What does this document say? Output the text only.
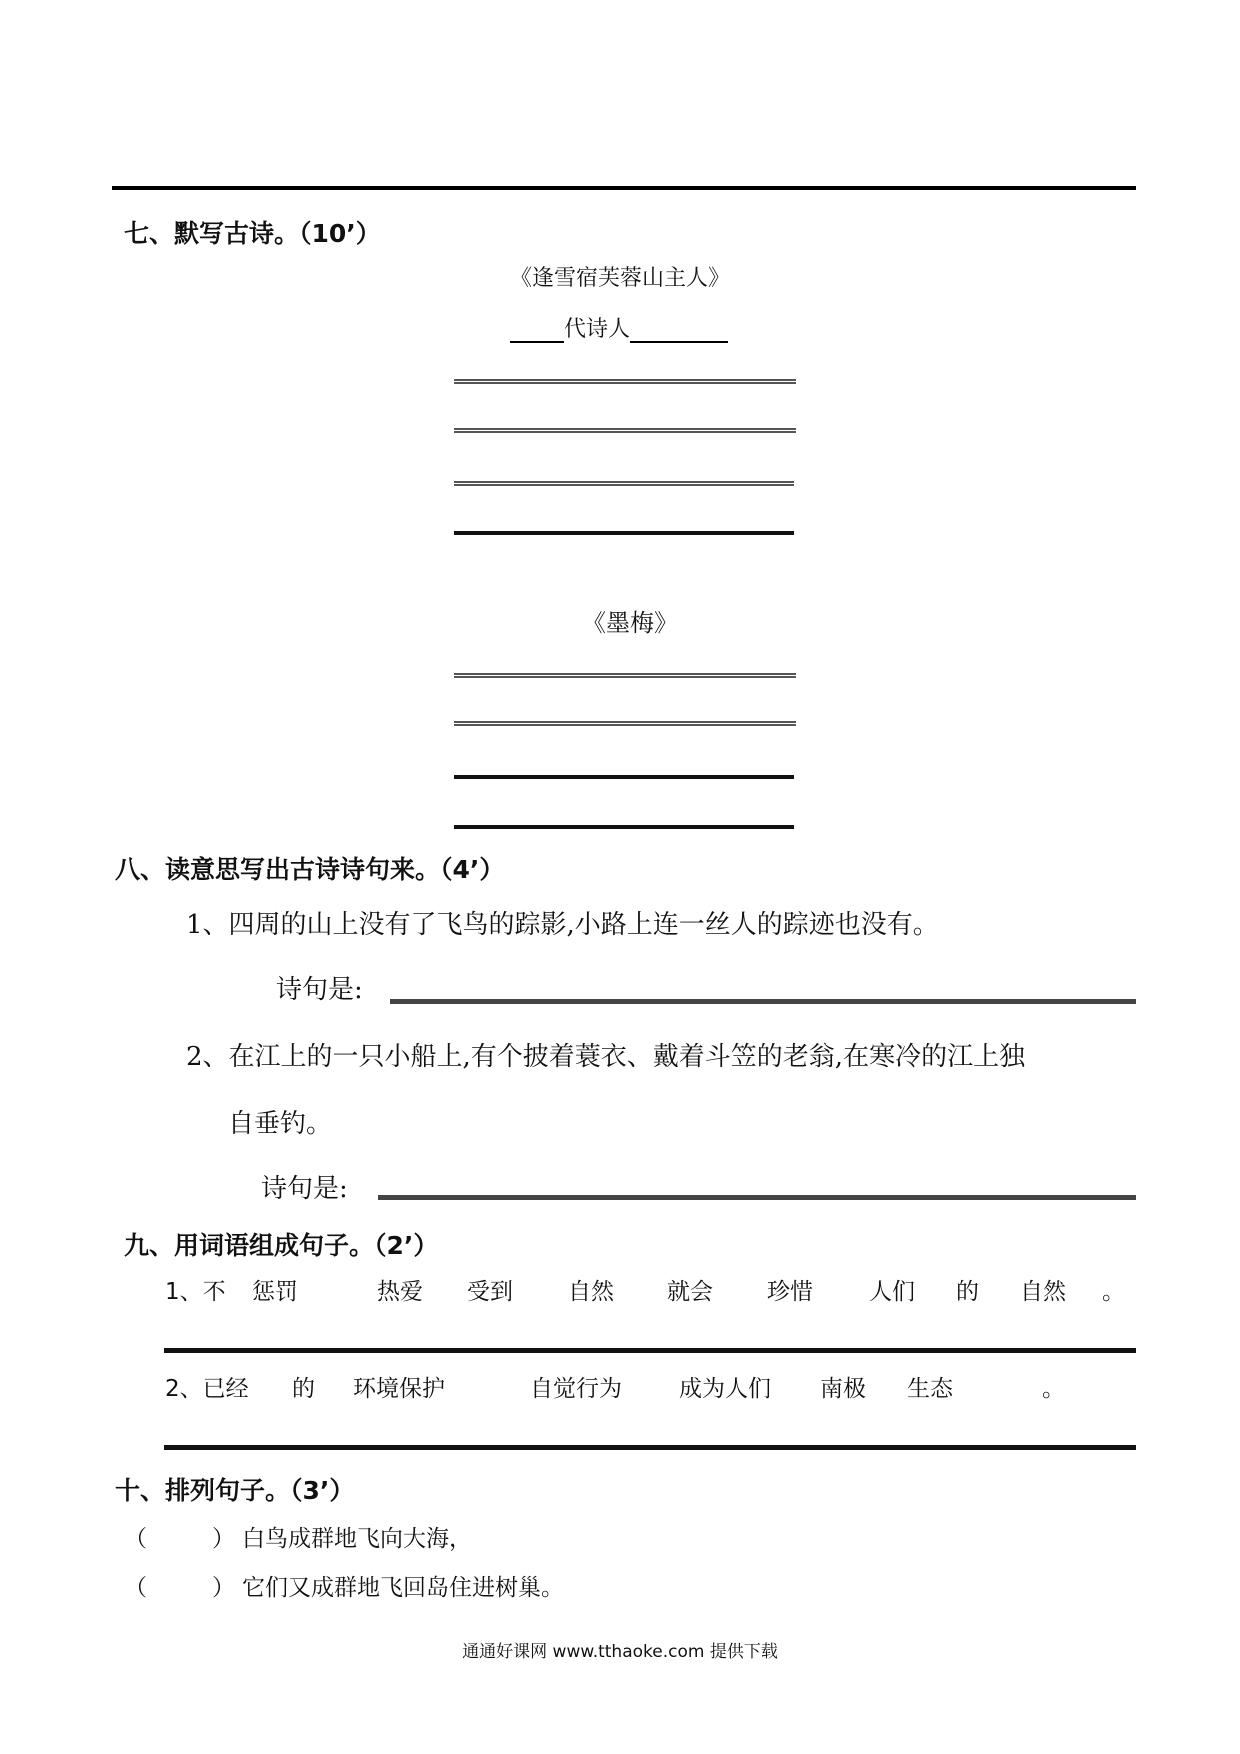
七、默写古诗。（10’）
《逢雪宿芙蓉山主人》
代诗人
《墨梅》
八、读意思写出古诗诗句来。（4’）
1、四周的山上没有了飞鸟的踪影,小路上连一丝人的踪迹也没有。
诗句是:
2、在江上的一只小船上,有个披着蓑衣、戴着斗笠的老翁,在寒冷的江上独
自垂钓。
诗句是:
九、用词语组成句子。（2’）
1、不 惩罚	热爱 受到 自然 就会 珍惜 人们 的 自然 。
2、已经 的 环境保护	自觉行为 成为人们 南极 生态	。
十、排列句子。（3’）
（	） 白鸟成群地飞向大海，
（	） 它们又成群地飞回岛住进树巢。
通通好课网 www.tthaoke.com 提供下载
